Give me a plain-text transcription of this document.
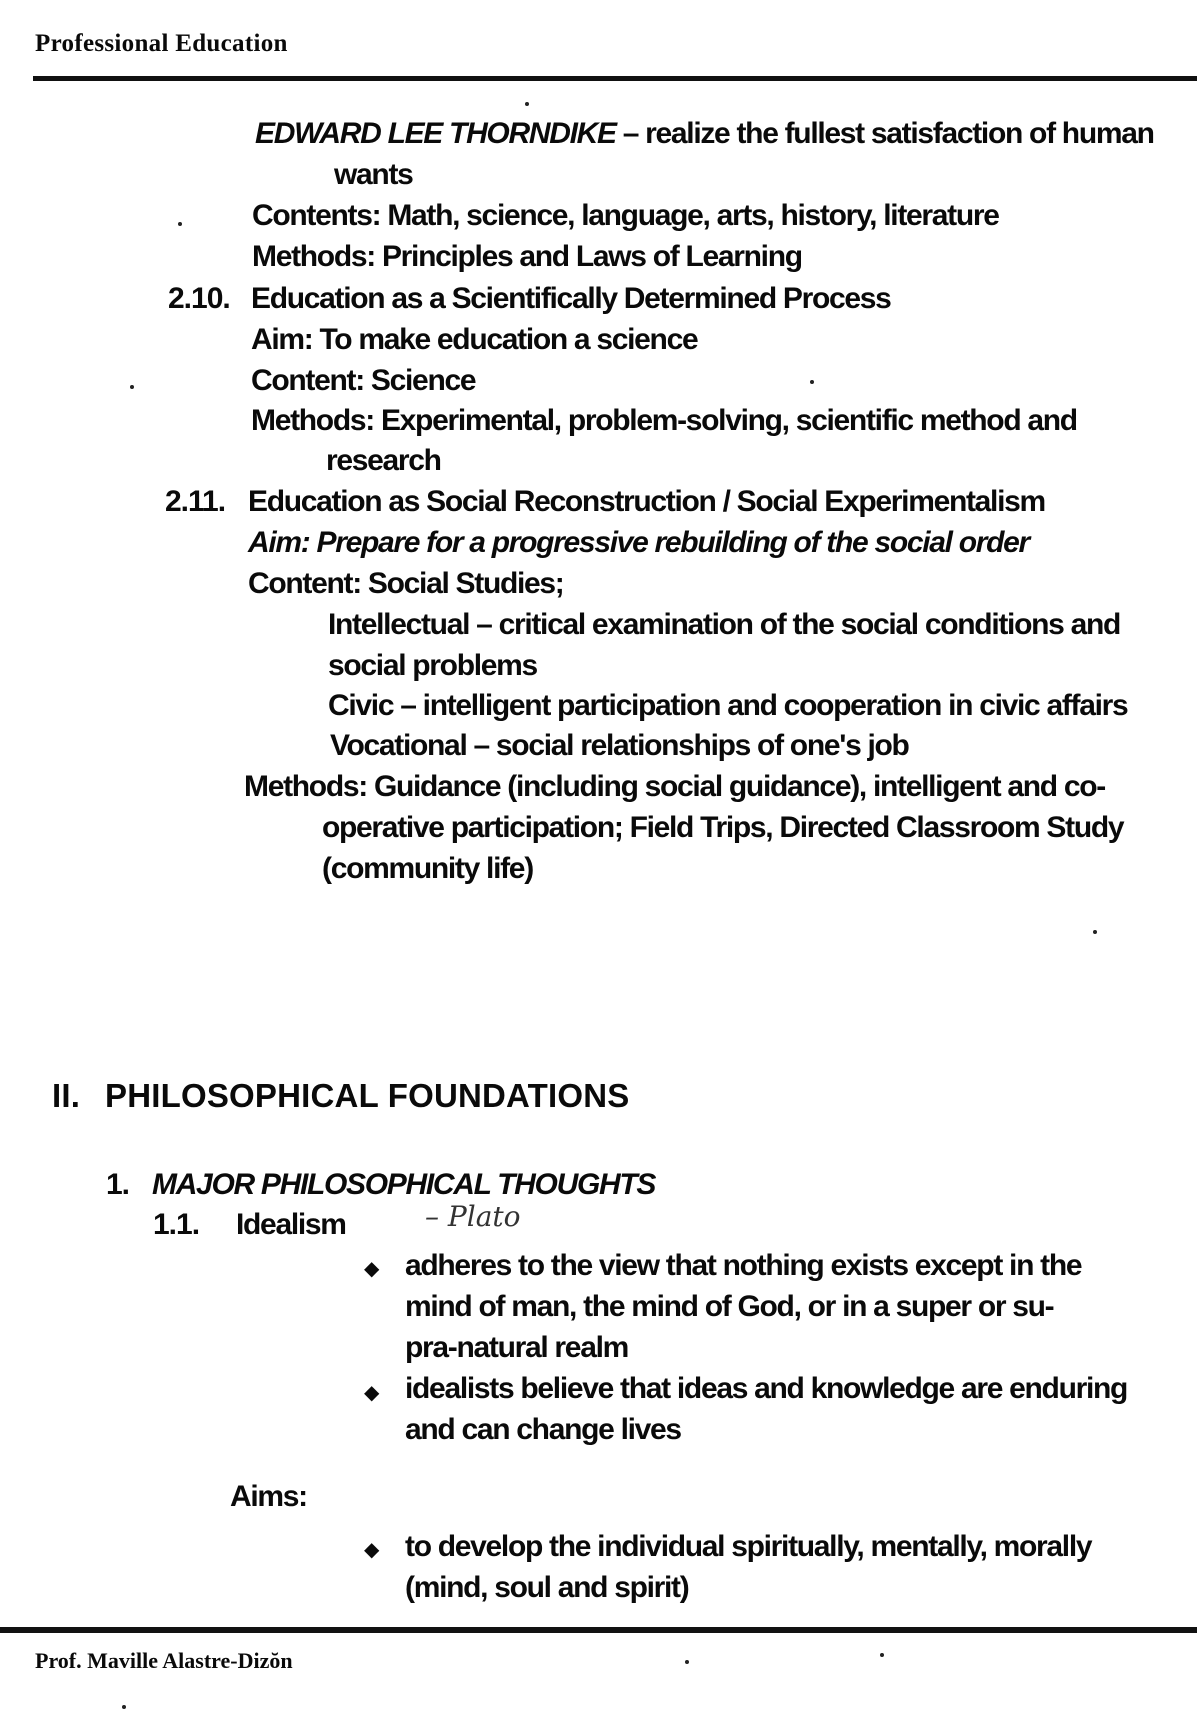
Professional Education
EDWARD LEE THORNDIKE – realize the fullest satisfaction of human
wants
Contents: Math, science, language, arts, history, literature
Methods: Principles and Laws of Learning
2.10. Education as a Scientifically Determined Process
Aim: To make education a science
Content: Science
Methods: Experimental, problem-solving, scientific method and
research
2.11. Education as Social Reconstruction / Social Experimentalism
Aim: Prepare for a progressive rebuilding of the social order
Content: Social Studies;
Intellectual – critical examination of the social conditions and
social problems
Civic – intelligent participation and cooperation in civic affairs
Vocational – social relationships of one's job
Methods: Guidance (including social guidance), intelligent and co-
operative participation; Field Trips, Directed Classroom Study
(community life)
II. PHILOSOPHICAL FOUNDATIONS
1. MAJOR PHILOSOPHICAL THOUGHTS
1.1. Idealism	– Plato
◆ adheres to the view that nothing exists except in the
mind of man, the mind of God, or in a super or su-
pra-natural realm
◆ idealists believe that ideas and knowledge are enduring
and can change lives
Aims:
◆ to develop the individual spiritually, mentally, morally
(mind, soul and spirit)
Prof. Maville Alastre-Dizŏn
